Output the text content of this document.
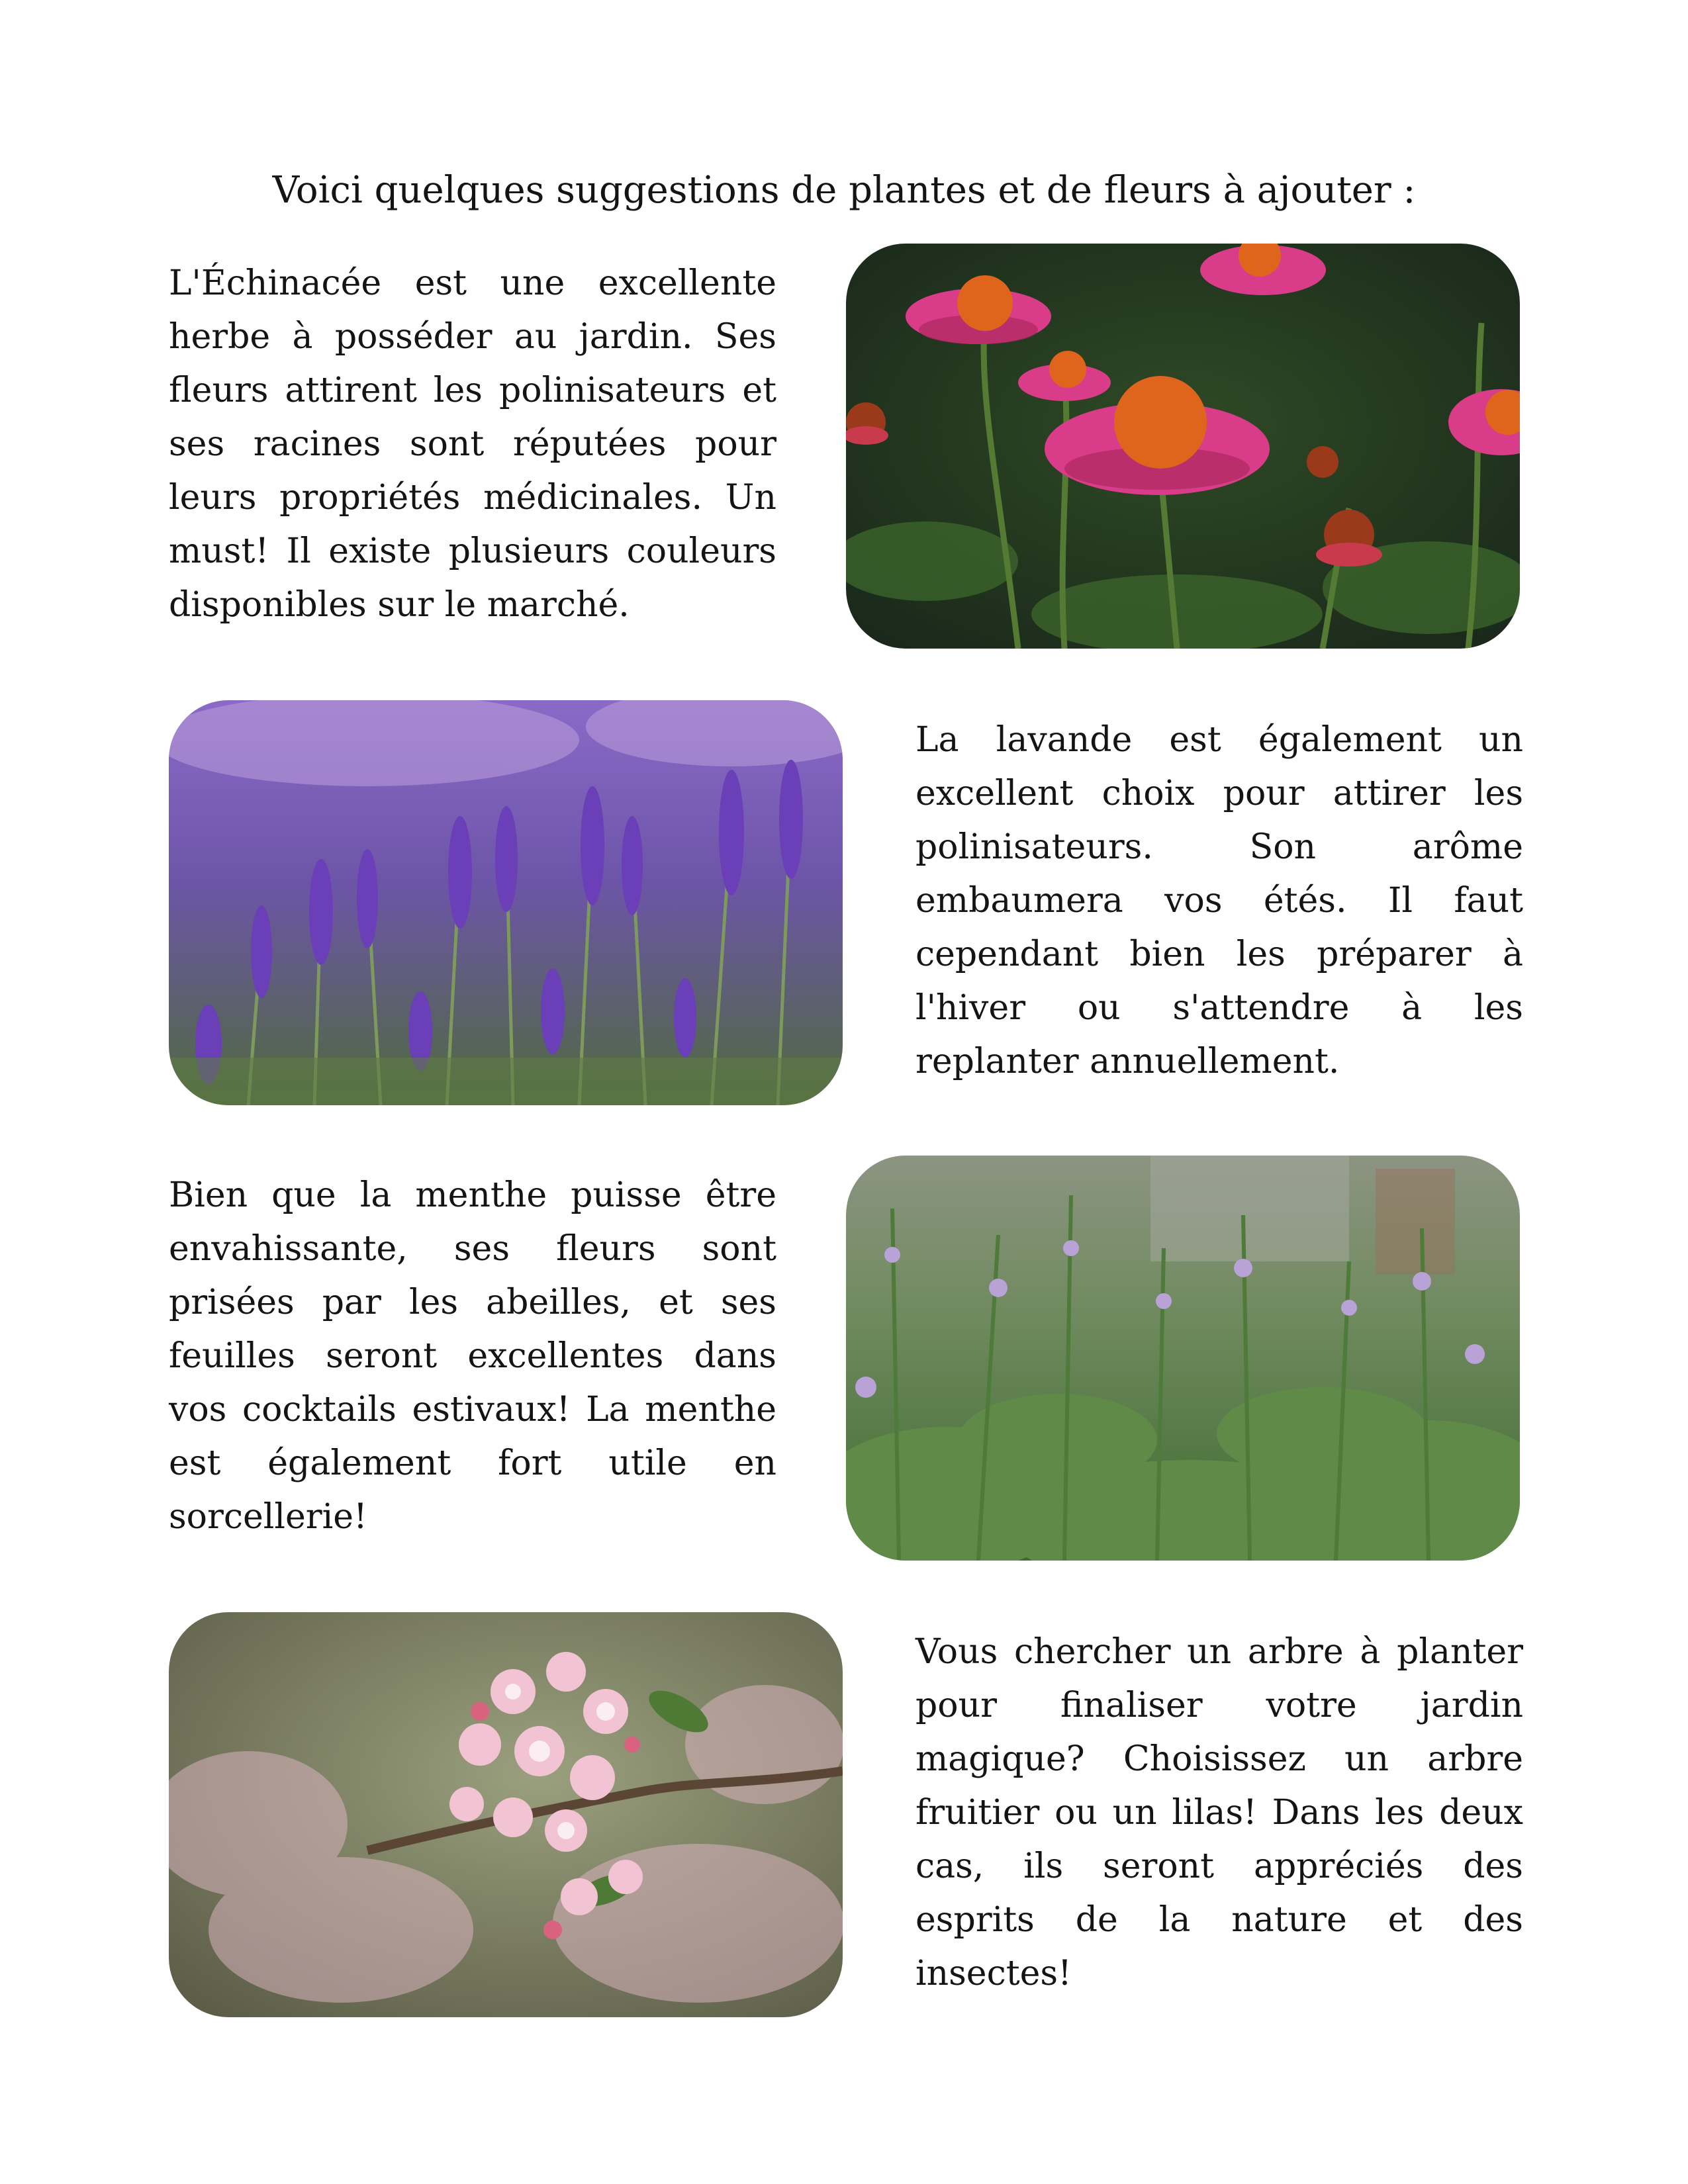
Voici quelques suggestions de plantes et de fleurs à ajouter :

L'Échinacée est une excellente herbe à posséder au jardin. Ses fleurs attirent les polinisateurs et ses racines sont réputées pour leurs propriétés médicinales. Un must! Il existe plusieurs couleurs disponibles sur le marché.

La lavande est également un excellent choix pour attirer les polinisateurs. Son arôme embaumera vos étés. Il faut cependant bien les préparer à l'hiver ou s'attendre à les replanter annuellement.

Bien que la menthe puisse être envahissante, ses fleurs sont prisées par les abeilles, et ses feuilles seront excellentes dans vos cocktails estivaux! La menthe est également fort utile en sorcellerie!

Vous chercher un arbre à planter pour finaliser votre jardin magique? Choisissez un arbre fruitier ou un lilas! Dans les deux cas, ils seront appréciés des esprits de la nature et des insectes!
